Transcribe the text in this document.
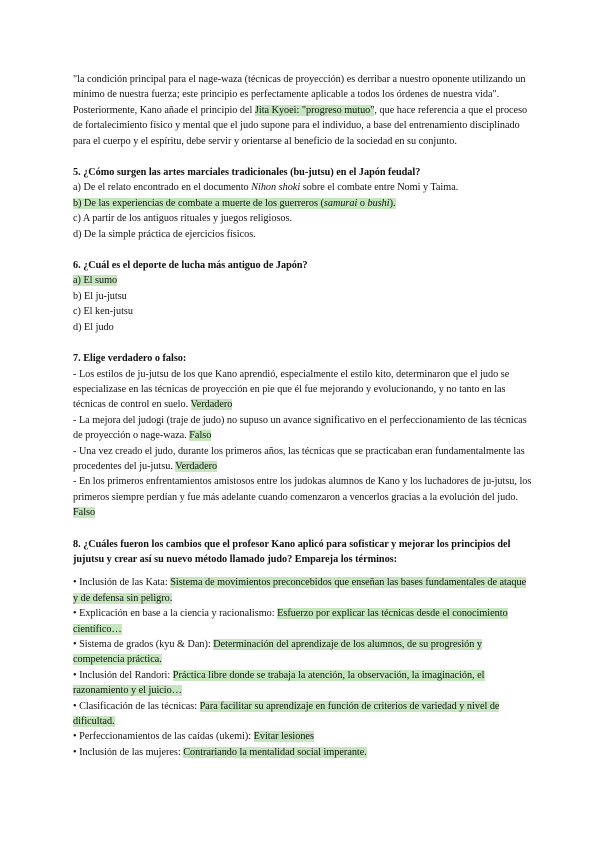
"la condición principal para el nage-waza (técnicas de proyección) es derribar a nuestro oponente utilizando un mínimo de nuestra fuerza; este principio es perfectamente aplicable a todos los órdenes de nuestra vida".

Posteriormente, Kano añade el principio del Jita Kyoei: "progreso mutuo", que hace referencia a que el proceso de fortalecimiento físico y mental que el judo supone para el individuo, a base del entrenamiento disciplinado para el cuerpo y el espíritu, debe servir y orientarse al beneficio de la sociedad en su conjunto.

5. ¿Cómo surgen las artes marciales tradicionales (bu-jutsu) en el Japón feudal?

a) De el relato encontrado en el documento Nihon shoki sobre el combate entre Nomi y Taima.

b) De las experiencias de combate a muerte de los guerreros (samurai o bushi).

c) A partir de los antiguos rituales y juegos religiosos.

d) De la simple práctica de ejercicios físicos.

6. ¿Cuál es el deporte de lucha más antiguo de Japón?

a) El sumo

b) El ju-jutsu

c) El ken-jutsu

d) El judo

7. Elige verdadero o falso:

- Los estilos de ju-jutsu de los que Kano aprendió, especialmente el estilo kito, determinaron que el judo se especializase en las técnicas de proyección en pie que él fue mejorando y evolucionando, y no tanto en las técnicas de control en suelo. Verdadero

- La mejora del judogi (traje de judo) no supuso un avance significativo en el perfeccionamiento de las técnicas de proyección o nage-waza. Falso

- Una vez creado el judo, durante los primeros años, las técnicas que se practicaban eran fundamentalmente las procedentes del ju-jutsu. Verdadero

- En los primeros enfrentamientos amistosos entre los judokas alumnos de Kano y los luchadores de ju-jutsu, los primeros siempre perdían y fue más adelante cuando comenzaron a vencerlos gracias a la evolución del judo. Falso

8. ¿Cuáles fueron los cambios que el profesor Kano aplicó para sofisticar y mejorar los principios del jujutsu y crear así su nuevo método llamado judo? Empareja los términos:

• Inclusión de las Kata: Sistema de movimientos preconcebidos que enseñan las bases fundamentales de ataque y de defensa sin peligro.

• Explicación en base a la ciencia y racionalismo: Esfuerzo por explicar las técnicas desde el conocimiento científico…

• Sistema de grados (kyu & Dan): Determinación del aprendizaje de los alumnos, de su progresión y competencia práctica.

• Inclusión del Randori: Práctica libre donde se trabaja la atención, la observación, la imaginación, el razonamiento y el juicio…

• Clasificación de las técnicas: Para facilitar su aprendizaje en función de criterios de variedad y nivel de dificultad.

• Perfeccionamientos de las caídas (ukemi): Evitar lesiones

• Inclusión de las mujeres: Contrariando la mentalidad social imperante.
